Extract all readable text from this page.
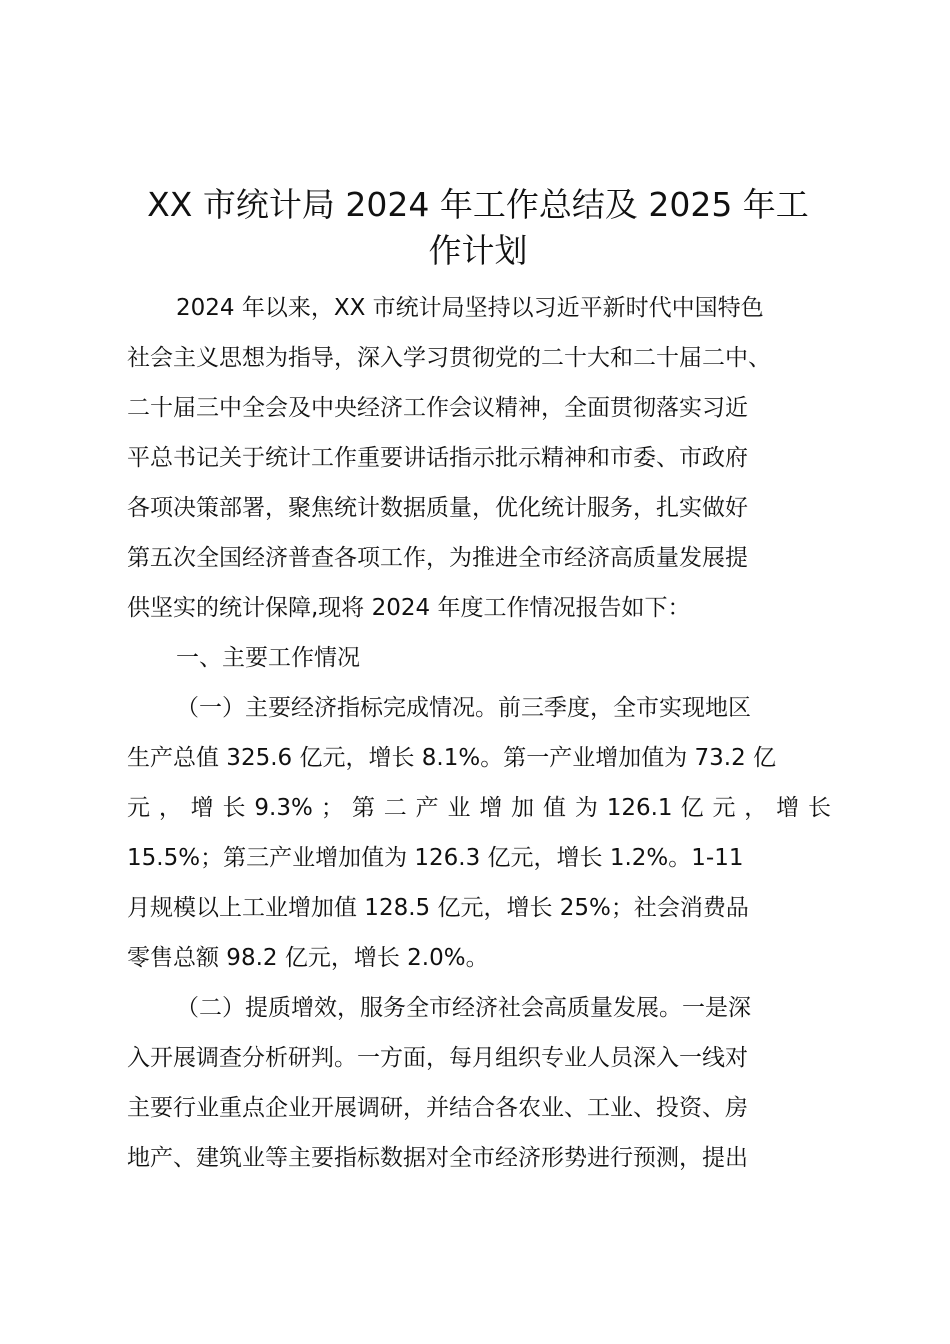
XX 市统计局 2024 年工作总结及 2025 年工
作计划
2024 年以来，XX 市统计局坚持以习近平新时代中国特色
社会主义思想为指导，深入学习贯彻党的二十大和二十届二中、
二十届三中全会及中央经济工作会议精神，全面贯彻落实习近
平总书记关于统计工作重要讲话指示批示精神和市委、市政府
各项决策部署，聚焦统计数据质量，优化统计服务，扎实做好
第五次全国经济普查各项工作，为推进全市经济高质量发展提
供坚实的统计保障,现将 2024 年度工作情况报告如下：
一、主要工作情况
（一）主要经济指标完成情况。前三季度，全市实现地区
生产总值 325.6 亿元，增长 8.1%。第一产业增加值为 73.2 亿
元 ， 增 长 9.3% ； 第 二 产 业 增 加 值 为 126.1 亿 元 ， 增 长
15.5%；第三产业增加值为 126.3 亿元，增长 1.2%。1-11
月规模以上工业增加值 128.5 亿元，增长 25%；社会消费品
零售总额 98.2 亿元，增长 2.0%。
（二）提质增效，服务全市经济社会高质量发展。一是深
入开展调查分析研判。一方面，每月组织专业人员深入一线对
主要行业重点企业开展调研，并结合各农业、工业、投资、房
地产、建筑业等主要指标数据对全市经济形势进行预测，提出
